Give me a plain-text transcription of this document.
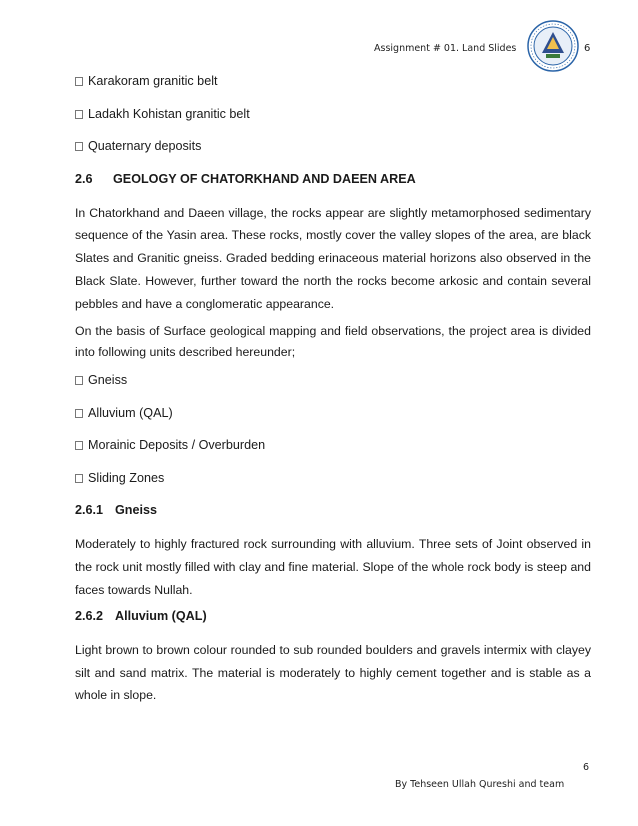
Assignment # 01. Land Slides	6
Karakoram granitic belt
Ladakh Kohistan granitic belt
Quaternary deposits
2.6	GEOLOGY OF CHATORKHAND AND DAEEN AREA

In Chatorkhand and Daeen village, the rocks appear are slightly metamorphosed sedimentary sequence of the Yasin area. These rocks, mostly cover the valley slopes of the area, are black Slates and Granitic gneiss. Graded bedding erinaceous material horizons also observed in the Black Slate. However, further toward the north the rocks become arkosic and contain several pebbles and have a conglomeratic appearance.

On the basis of Surface geological mapping and field observations, the project area is divided into following units described hereunder;

Gneiss
Alluvium (QAL)
Morainic Deposits / Overburden
Sliding Zones
2.6.1 Gneiss

Moderately to highly fractured rock surrounding with alluvium. Three sets of Joint observed in the rock unit mostly filled with clay and fine material. Slope of the whole rock body is steep and faces towards Nullah.

2.6.2 Alluvium (QAL)

Light brown to brown colour rounded to sub rounded boulders and gravels intermix with clayey silt and sand matrix. The material is moderately to highly cement together and is stable as a whole in slope.

6
By Tehseen Ullah Qureshi and team
